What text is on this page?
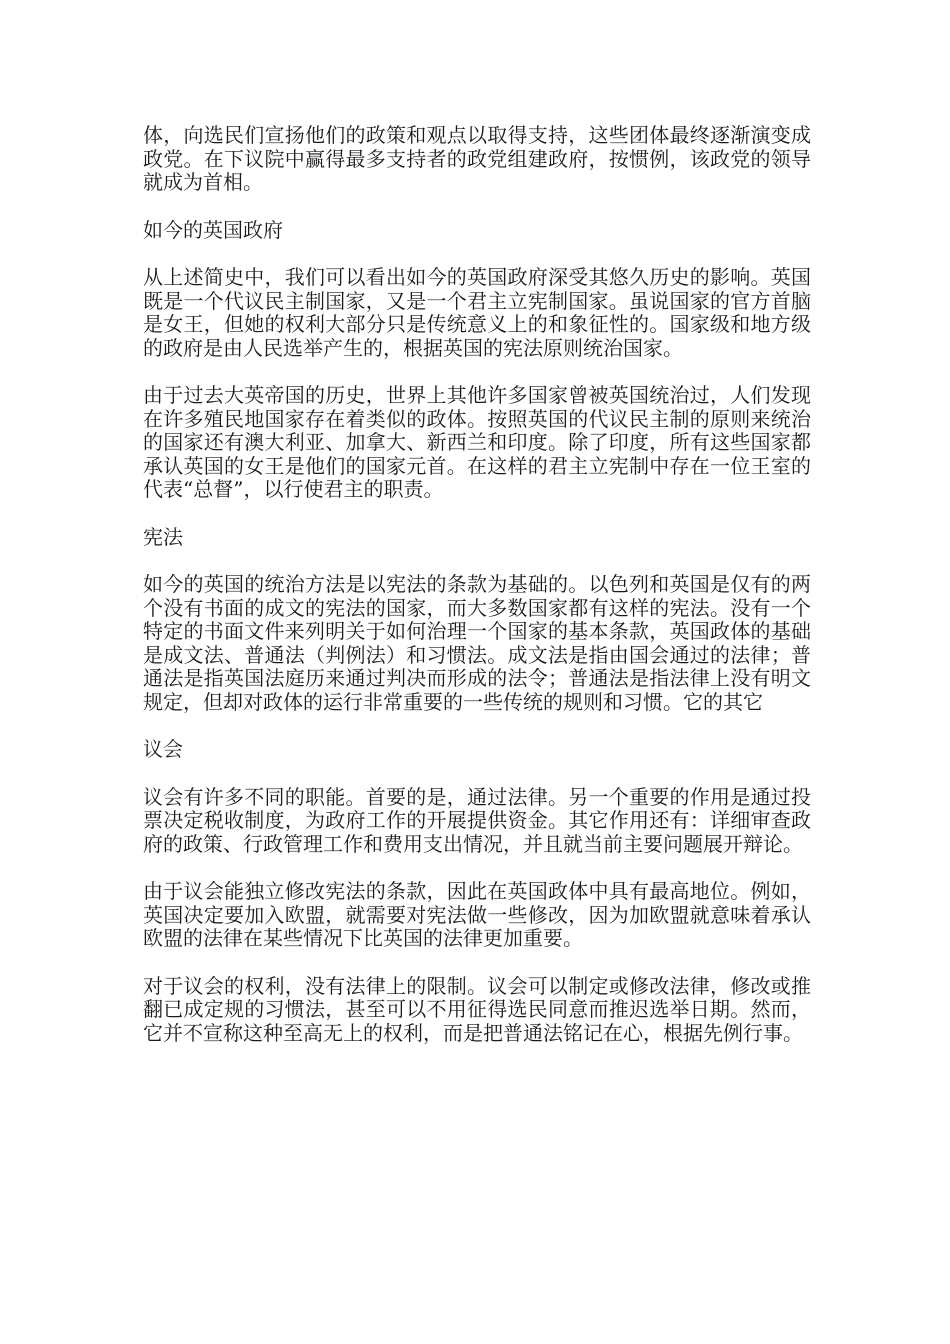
体，向选民们宣扬他们的政策和观点以取得支持，这些团体最终逐渐演变成政党。在下议院中赢得最多支持者的政党组建政府，按惯例，该政党的领导就成为首相。

如今的英国政府

从上述简史中，我们可以看出如今的英国政府深受其悠久历史的影响。英国既是一个代议民主制国家，又是一个君主立宪制国家。虽说国家的官方首脑是女王，但她的权利大部分只是传统意义上的和象征性的。国家级和地方级的政府是由人民选举产生的，根据英国的宪法原则统治国家。

由于过去大英帝国的历史，世界上其他许多国家曾被英国统治过，人们发现在许多殖民地国家存在着类似的政体。按照英国的代议民主制的原则来统治的国家还有澳大利亚、加拿大、新西兰和印度。除了印度，所有这些国家都承认英国的女王是他们的国家元首。在这样的君主立宪制中存在一位王室的代表“总督”，以行使君主的职责。

宪法

如今的英国的统治方法是以宪法的条款为基础的。以色列和英国是仅有的两个没有书面的成文的宪法的国家，而大多数国家都有这样的宪法。没有一个特定的书面文件来列明关于如何治理一个国家的基本条款，英国政体的基础是成文法、普通法（判例法）和习惯法。成文法是指由国会通过的法律；普通法是指英国法庭历来通过判决而形成的法令；普通法是指法律上没有明文规定，但却对政体的运行非常重要的一些传统的规则和习惯。它的其它

议会

议会有许多不同的职能。首要的是，通过法律。另一个重要的作用是通过投票决定税收制度，为政府工作的开展提供资金。其它作用还有：详细审查政府的政策、行政管理工作和费用支出情况，并且就当前主要问题展开辩论。

由于议会能独立修改宪法的条款，因此在英国政体中具有最高地位。例如，英国决定要加入欧盟，就需要对宪法做一些修改，因为加欧盟就意味着承认欧盟的法律在某些情况下比英国的法律更加重要。

对于议会的权利，没有法律上的限制。议会可以制定或修改法律，修改或推翻已成定规的习惯法，甚至可以不用征得选民同意而推迟选举日期。然而，它并不宣称这种至高无上的权利，而是把普通法铭记在心，根据先例行事。
